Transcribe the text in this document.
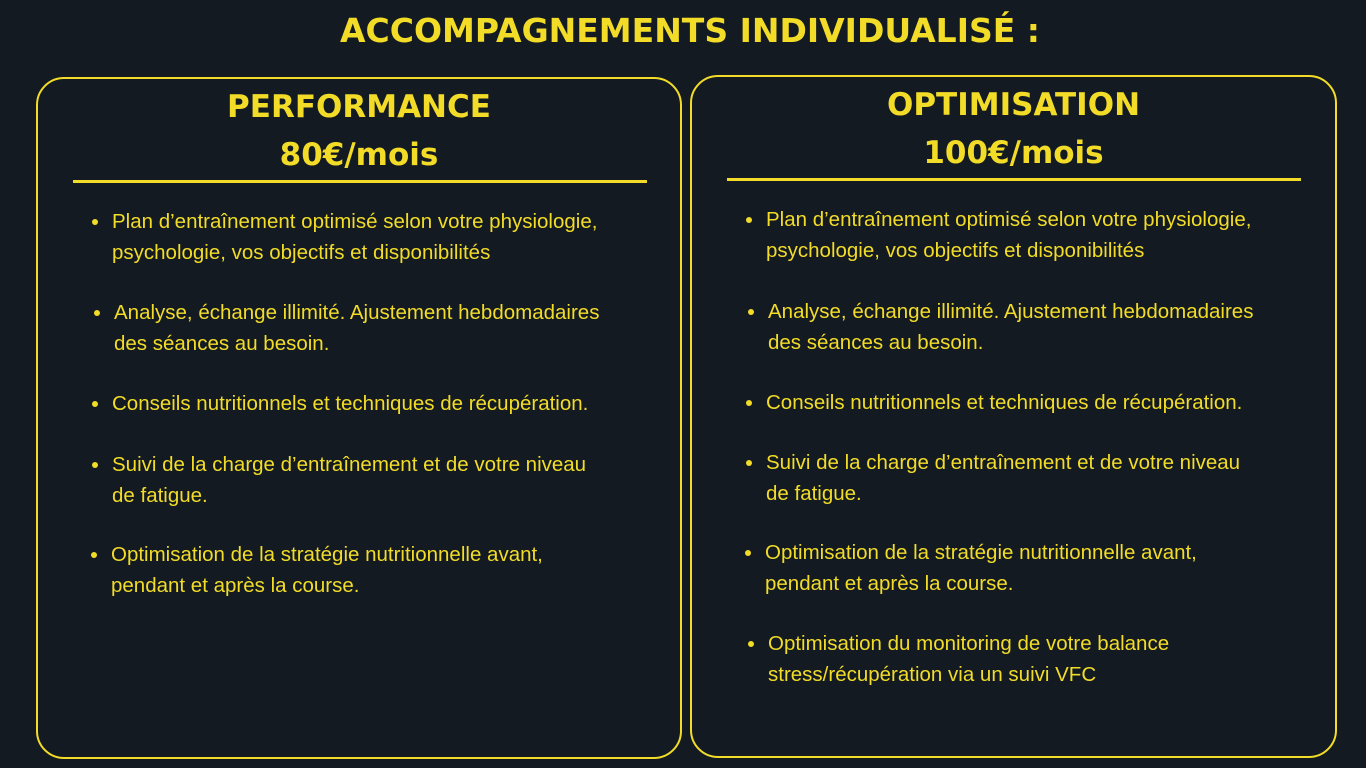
ACCOMPAGNEMENTS INDIVIDUALISÉ :
PERFORMANCE
80€/mois
Plan d’entraînement optimisé selon votre physiologie,
psychologie, vos objectifs et disponibilités
Analyse, échange illimité. Ajustement hebdomadaires
des séances au besoin.
Conseils nutritionnels et techniques de récupération.
Suivi de la charge d’entraînement et de votre niveau
de fatigue.
Optimisation de la stratégie nutritionnelle avant,
pendant et après la course.
OPTIMISATION
100€/mois
Plan d’entraînement optimisé selon votre physiologie,
psychologie, vos objectifs et disponibilités
Analyse, échange illimité. Ajustement hebdomadaires
des séances au besoin.
Conseils nutritionnels et techniques de récupération.
Suivi de la charge d’entraînement et de votre niveau
de fatigue.
Optimisation de la stratégie nutritionnelle avant,
pendant et après la course.
Optimisation du monitoring de votre balance
stress/récupération via un suivi VFC
